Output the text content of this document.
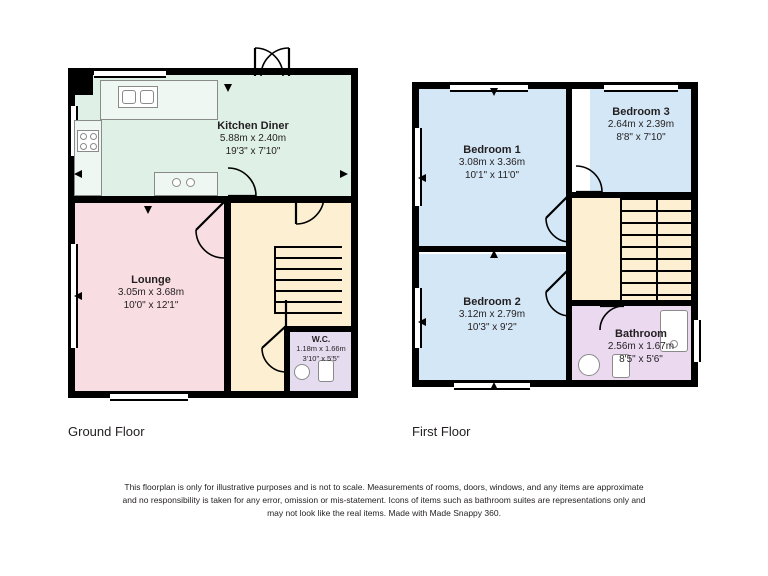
Kitchen Diner
5.88m x 2.40m
19'3" x 7'10"
Lounge
3.05m x 3.68m
10'0" x 12'1"
W.C.
1.18m x 1.66m
3'10" x 5'5"
Bedroom 1
3.08m x 3.36m
10'1" x 11'0"
Bedroom 3
2.64m x 2.39m
8'8" x 7'10"
Bedroom 2
3.12m x 2.79m
10'3" x 9'2"
Bathroom
2.56m x 1.67m
8'5" x 5'6"
Ground Floor	First Floor
This floorplan is only for illustrative purposes and is not to scale. Measurements of rooms, doors, windows, and any items are approximate
and no responsibility is taken for any error, omission or mis-statement. Icons of items such as bathroom suites are representations only and
may not look like the real items. Made with Made Snappy 360.
